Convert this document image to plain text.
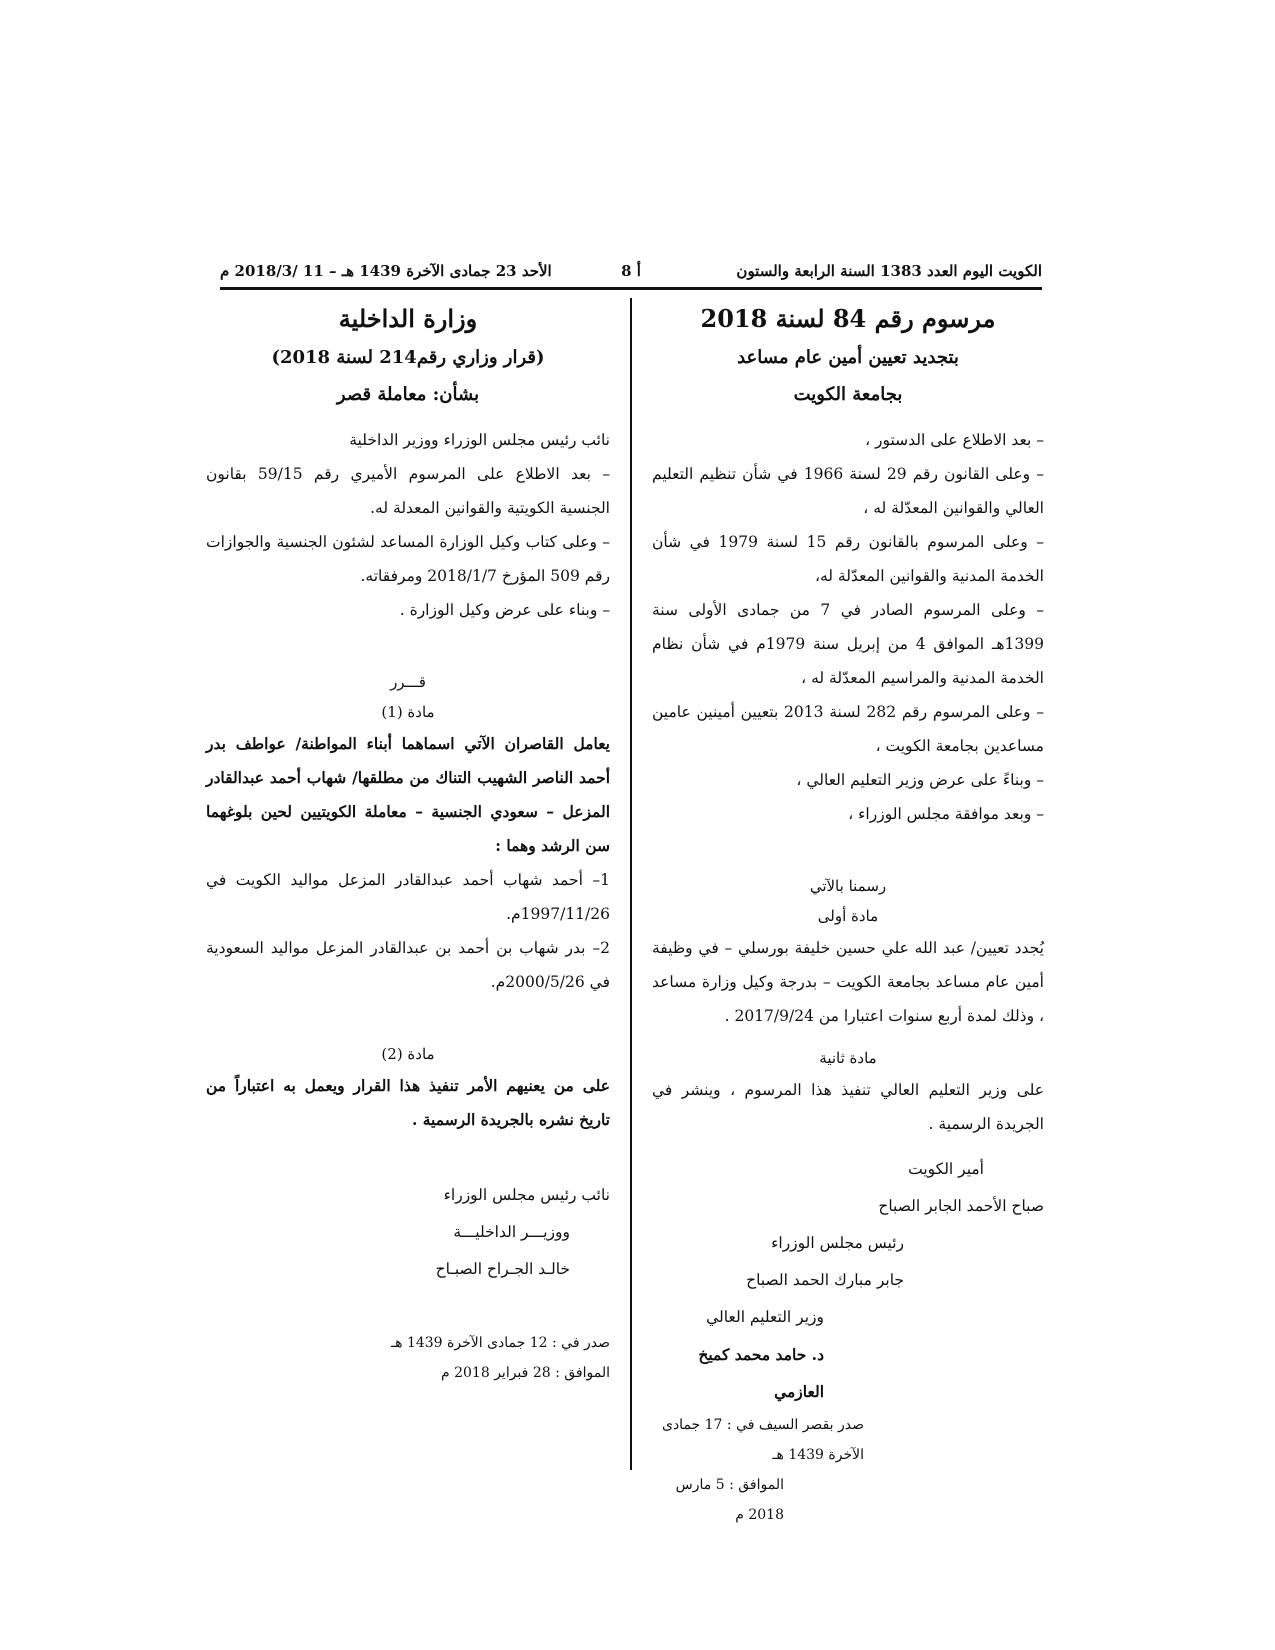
الكويت اليوم العدد 1383 السنة الرابعة والستون
أ 8
الأحد 23 جمادى الآخرة 1439 هـ – 11 /2018/3 م
مرسوم رقم 84 لسنة 2018
بتجديد تعيين أمين عام مساعد
بجامعة الكويت
– بعد الاطلاع على الدستور ،
– وعلى القانون رقم 29 لسنة 1966 في شأن تنظيم التعليم العالي والقوانين المعدّلة له ،
– وعلى المرسوم بالقانون رقم 15 لسنة 1979 في شأن الخدمة المدنية والقوانين المعدّلة له،
– وعلى المرسوم الصادر في 7 من جمادى الأولى سنة 1399هـ الموافق 4 من إبريل سنة 1979م في شأن نظام الخدمة المدنية والمراسيم المعدّلة له ،
– وعلى المرسوم رقم 282 لسنة 2013 بتعيين أمينين عامين مساعدين بجامعة الكويت ،
– وبناءً على عرض وزير التعليم العالي ،
– وبعد موافقة مجلس الوزراء ،
رسمنا بالآتي
مادة أولى
يُجدد تعيين/ عبد الله علي حسين خليفة بورسلي – في وظيفة أمين عام مساعد بجامعة الكويت – بدرجة وكيل وزارة مساعد ، وذلك لمدة أربع سنوات اعتبارا من 2017/9/24 .
مادة ثانية
على وزير التعليم العالي تنفيذ هذا المرسوم ، وينشر في الجريدة الرسمية .
أمير الكويت
صباح الأحمد الجابر الصباح
رئيس مجلس الوزراء
جابر مبارك الحمد الصباح
وزير التعليم العالي
د. حامد محمد كميخ العازمي
صدر بقصر السيف في : 17 جمادى الآخرة 1439 هـ
الموافق : 5 مارس 2018 م
وزارة الداخلية
(قرار وزاري رقم214 لسنة 2018)
بشأن: معاملة قصر
نائب رئيس مجلس الوزراء ووزير الداخلية
– بعد الاطلاع على المرسوم الأميري رقم 59/15 بقانون الجنسية الكويتية والقوانين المعدلة له.
– وعلى كتاب وكيل الوزارة المساعد لشئون الجنسية والجوازات رقم 509 المؤرخ 2018/1/7 ومرفقاته.
– وبناء على عرض وكيل الوزارة .
قـــرر
مادة (1)
يعامل القاصران الآتي اسماهما أبناء المواطنة/ عواطف بدر أحمد الناصر الشهيب التناك من مطلقها/ شهاب أحمد عبدالقادر المزعل – سعودي الجنسية – معاملة الكويتيين لحين بلوغهما سن الرشد وهما :
1– أحمد شهاب أحمد عبدالقادر المزعل مواليد الكويت في 1997/11/26م.
2– بدر شهاب بن أحمد بن عبدالقادر المزعل مواليد السعودية في 2000/5/26م.
مادة (2)
على من يعنيهم الأمر تنفيذ هذا القرار ويعمل به اعتباراً من تاريخ نشره بالجريدة الرسمية .
نائب رئيس مجلس الوزراء
ووزيـــر الداخليـــة
خالـد الجـراح الصبـاح
صدر في : 12 جمادى الآخرة 1439 هـ
الموافق : 28 فبراير 2018 م
